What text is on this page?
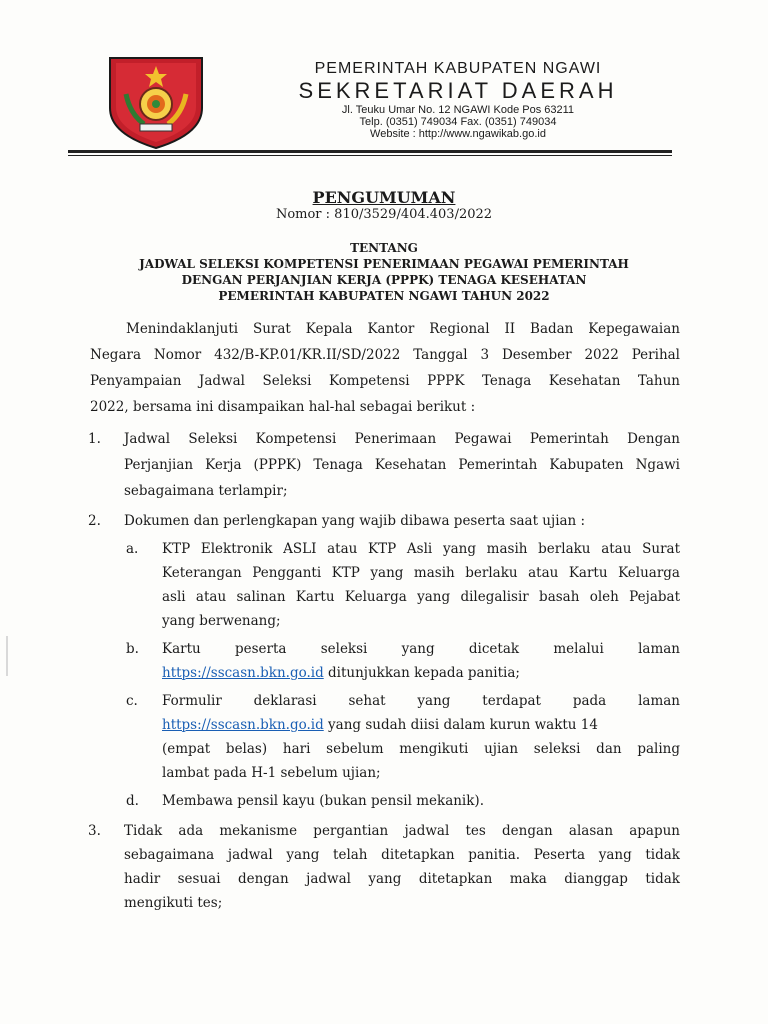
PEMERINTAH KABUPATEN NGAWI
SEKRETARIAT DAERAH
Jl. Teuku Umar No. 12 NGAWI Kode Pos 63211
Telp. (0351) 749034 Fax. (0351) 749034
Website : http://www.ngawikab.go.id
PENGUMUMAN
Nomor : 810/3529/404.403/2022
TENTANG
JADWAL SELEKSI KOMPETENSI PENERIMAAN PEGAWAI PEMERINTAH
DENGAN PERJANJIAN KERJA (PPPK) TENAGA KESEHATAN
PEMERINTAH KABUPATEN NGAWI TAHUN 2022
Menindaklanjuti Surat Kepala Kantor Regional II Badan Kepegawaian
Negara Nomor 432/B-KP.01/KR.II/SD/2022 Tanggal 3 Desember 2022 Perihal
Penyampaian Jadwal Seleksi Kompetensi PPPK Tenaga Kesehatan Tahun
2022, bersama ini disampaikan hal-hal sebagai berikut :
1. Jadwal Seleksi Kompetensi Penerimaan Pegawai Pemerintah Dengan
Perjanjian Kerja (PPPK) Tenaga Kesehatan Pemerintah Kabupaten Ngawi
sebagaimana terlampir;
2. Dokumen dan perlengkapan yang wajib dibawa peserta saat ujian :
a. KTP Elektronik ASLI atau KTP Asli yang masih berlaku atau Surat
Keterangan Pengganti KTP yang masih berlaku atau Kartu Keluarga
asli atau salinan Kartu Keluarga yang dilegalisir basah oleh Pejabat
yang berwenang;
b. Kartu peserta seleksi yang dicetak melalui laman
https://sscasn.bkn.go.id ditunjukkan kepada panitia;
c. Formulir deklarasi sehat yang terdapat pada laman
https://sscasn.bkn.go.id yang sudah diisi dalam kurun waktu 14
(empat belas) hari sebelum mengikuti ujian seleksi dan paling
lambat pada H-1 sebelum ujian;
d. Membawa pensil kayu (bukan pensil mekanik).
3. Tidak ada mekanisme pergantian jadwal tes dengan alasan apapun
sebagaimana jadwal yang telah ditetapkan panitia. Peserta yang tidak
hadir sesuai dengan jadwal yang ditetapkan maka dianggap tidak
mengikuti tes;
